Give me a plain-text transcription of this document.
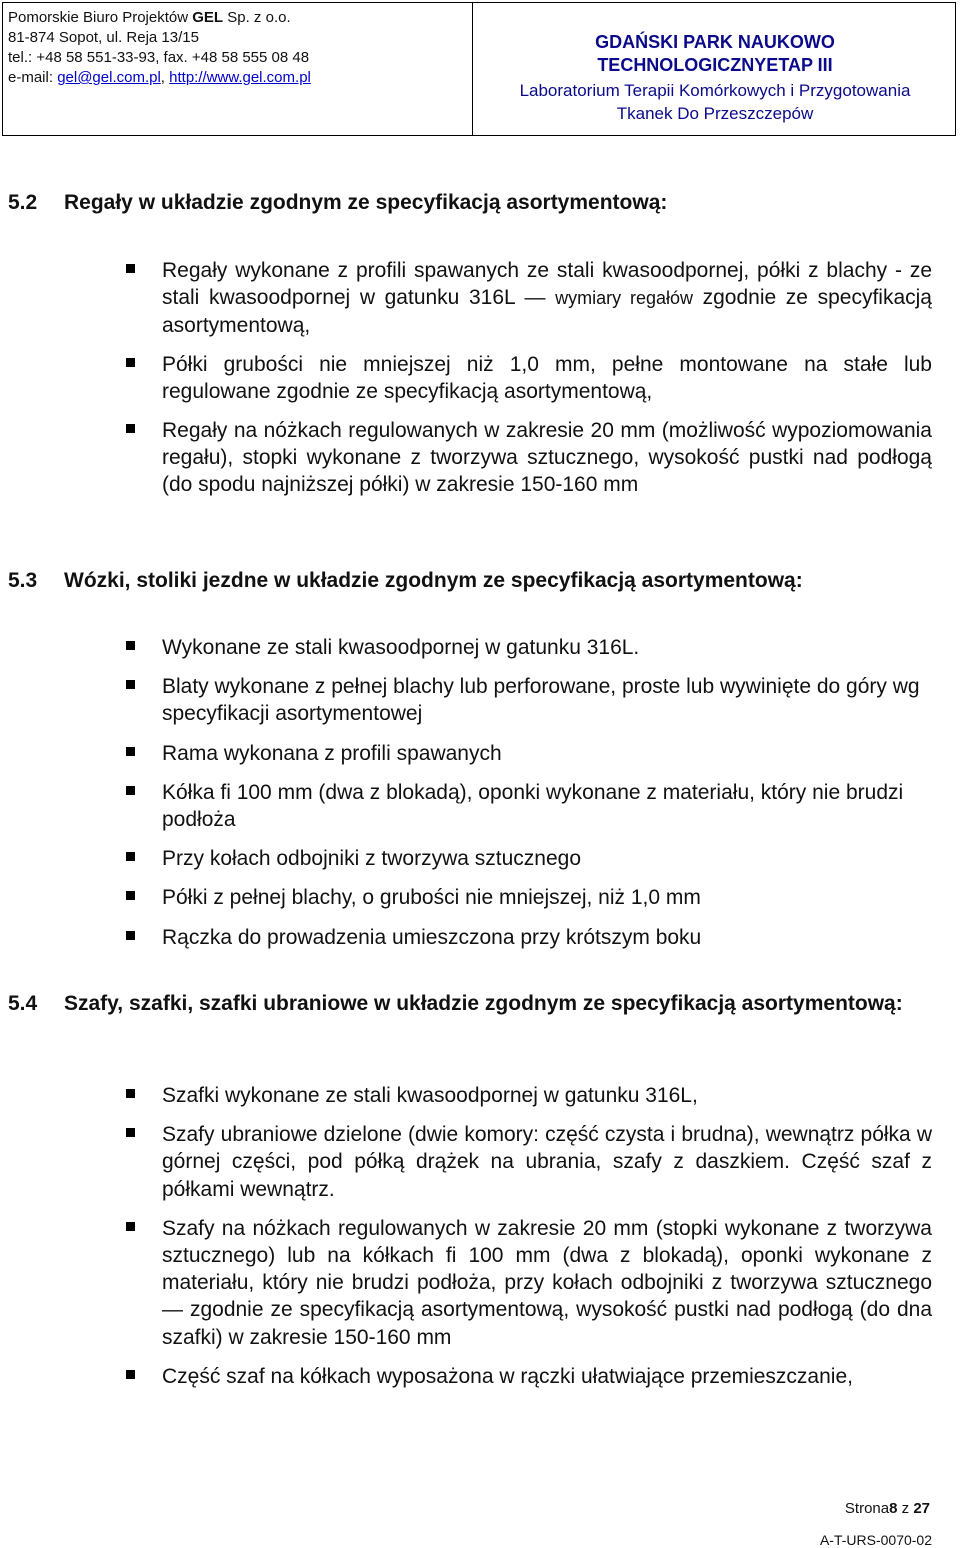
Pomorskie Biuro Projektów GEL Sp. z o.o.
81-874 Sopot, ul. Reja 13/15
tel.: +48 58 551-33-93, fax. +48 58 555 08 48
e-mail: gel@gel.com.pl, http://www.gel.com.pl
GDAŃSKI PARK NAUKOWO
TECHNOLOGICZNYETAP III
Laboratorium Terapii Komórkowych i Przygotowania
Tkanek Do Przeszczepów
5.2 Regały w układzie zgodnym ze specyfikacją asortymentową:
Regały wykonane z profili spawanych ze stali kwasoodpornej, półki z blachy - ze stali kwasoodpornej w gatunku 316L — wymiary regałów zgodnie ze specyfikacją asortymentową,
Półki grubości nie mniejszej niż 1,0 mm, pełne montowane na stałe lub regulowane zgodnie ze specyfikacją asortymentową,
Regały na nóżkach regulowanych w zakresie 20 mm (możliwość wypoziomowania regału), stopki wykonane z tworzywa sztucznego, wysokość pustki nad podłogą (do spodu najniższej półki) w zakresie 150-160 mm
5.3 Wózki, stoliki jezdne w układzie zgodnym ze specyfikacją asortymentową:
Wykonane ze stali kwasoodpornej w gatunku 316L.
Blaty wykonane z pełnej blachy lub perforowane, proste lub wywinięte do góry wg specyfikacji asortymentowej
Rama wykonana z profili spawanych
Kółka fi 100 mm (dwa z blokadą), oponki wykonane z materiału, który nie brudzi podłoża
Przy kołach odbojniki z tworzywa sztucznego
Półki z pełnej blachy, o grubości nie mniejszej, niż 1,0 mm
Rączka do prowadzenia umieszczona przy krótszym boku
5.4 Szafy, szafki, szafki ubraniowe w układzie zgodnym ze specyfikacją asortymentową:
Szafki wykonane ze stali kwasoodpornej w gatunku 316L,
Szafy ubraniowe dzielone (dwie komory: część czysta i brudna), wewnątrz półka w górnej części, pod półką drążek na ubrania, szafy z daszkiem. Część szaf z półkami wewnątrz.
Szafy na nóżkach regulowanych w zakresie 20 mm (stopki wykonane z tworzywa sztucznego) lub na kółkach fi 100 mm (dwa z blokadą), oponki wykonane z materiału, który nie brudzi podłoża, przy kołach odbojniki z tworzywa sztucznego — zgodnie ze specyfikacją asortymentową, wysokość pustki nad podłogą (do dna szafki) w zakresie 150-160 mm
Część szaf na kółkach wyposażona w rączki ułatwiające przemieszczanie,
Strona8 z 27
A-T-URS-0070-02
